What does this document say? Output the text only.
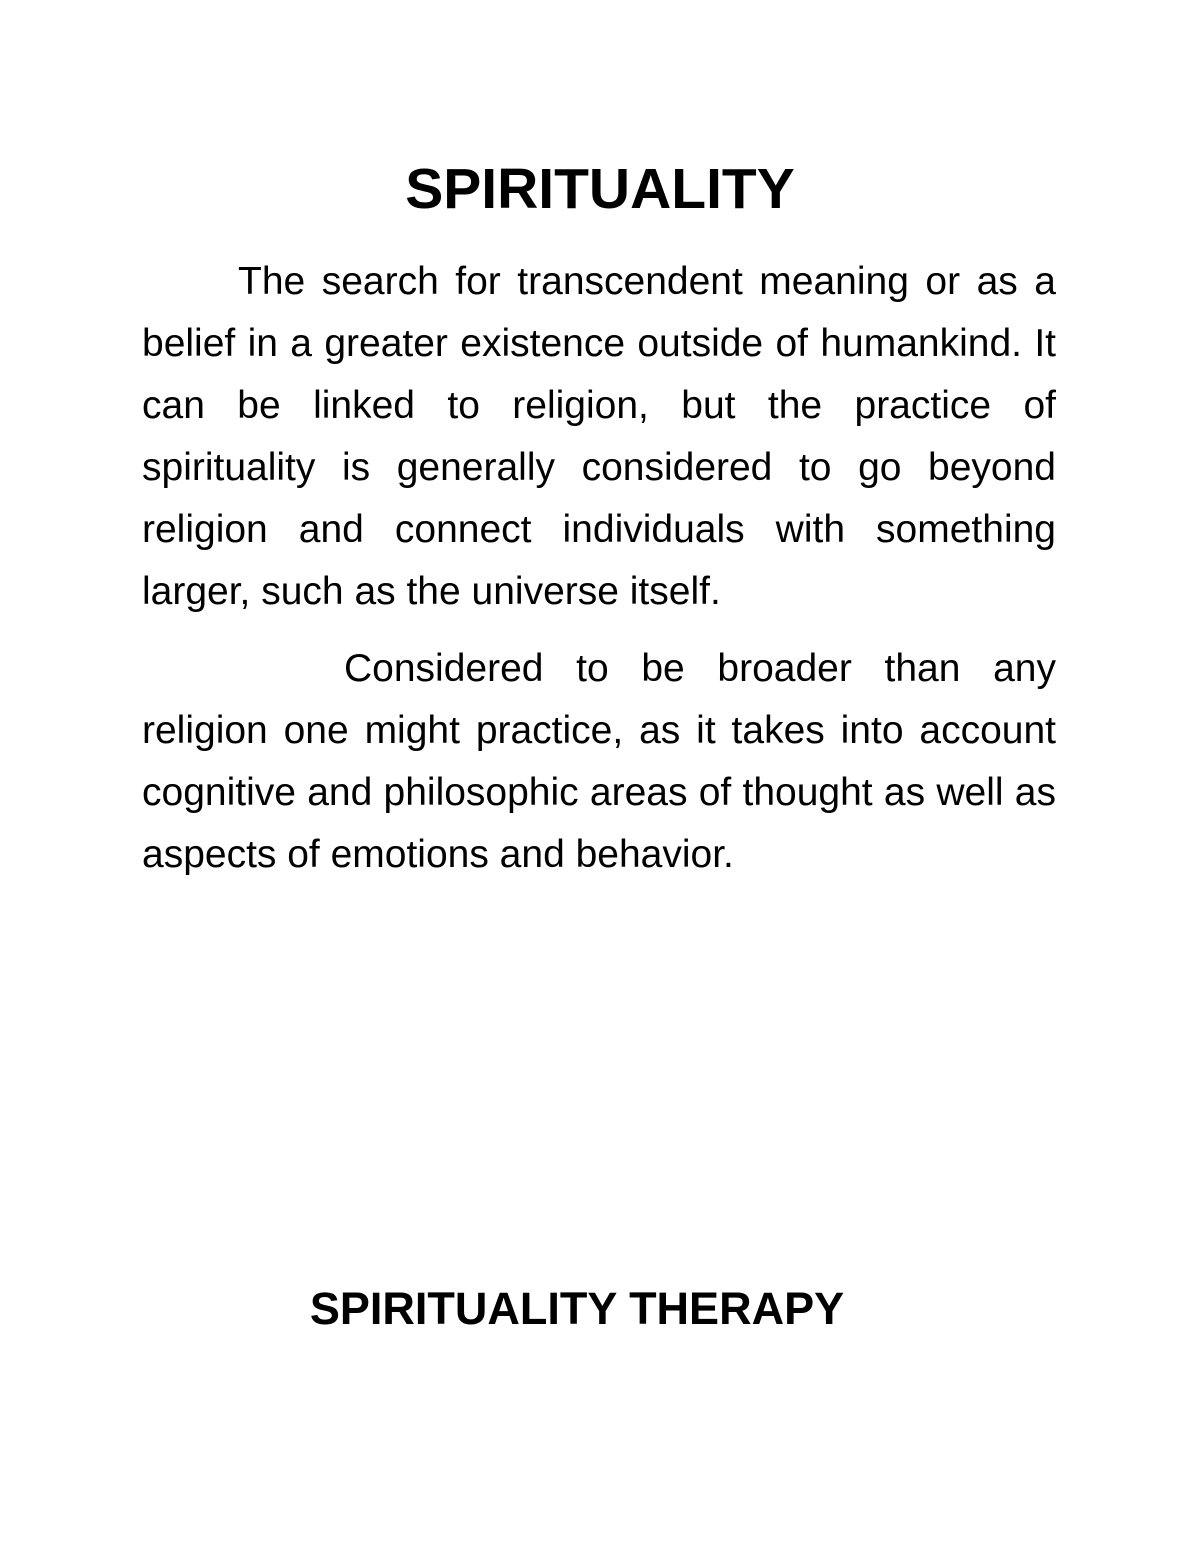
SPIRITUALITY

The search for transcendent meaning or as a belief in a greater existence outside of humankind. It can be linked to religion, but the practice of spirituality is generally considered to go beyond religion and connect individuals with something larger, such as the universe itself.

Considered to be broader than any religion one might practice, as it takes into account cognitive and philosophic areas of thought as well as aspects of emotions and behavior.

SPIRITUALITY THERAPY
